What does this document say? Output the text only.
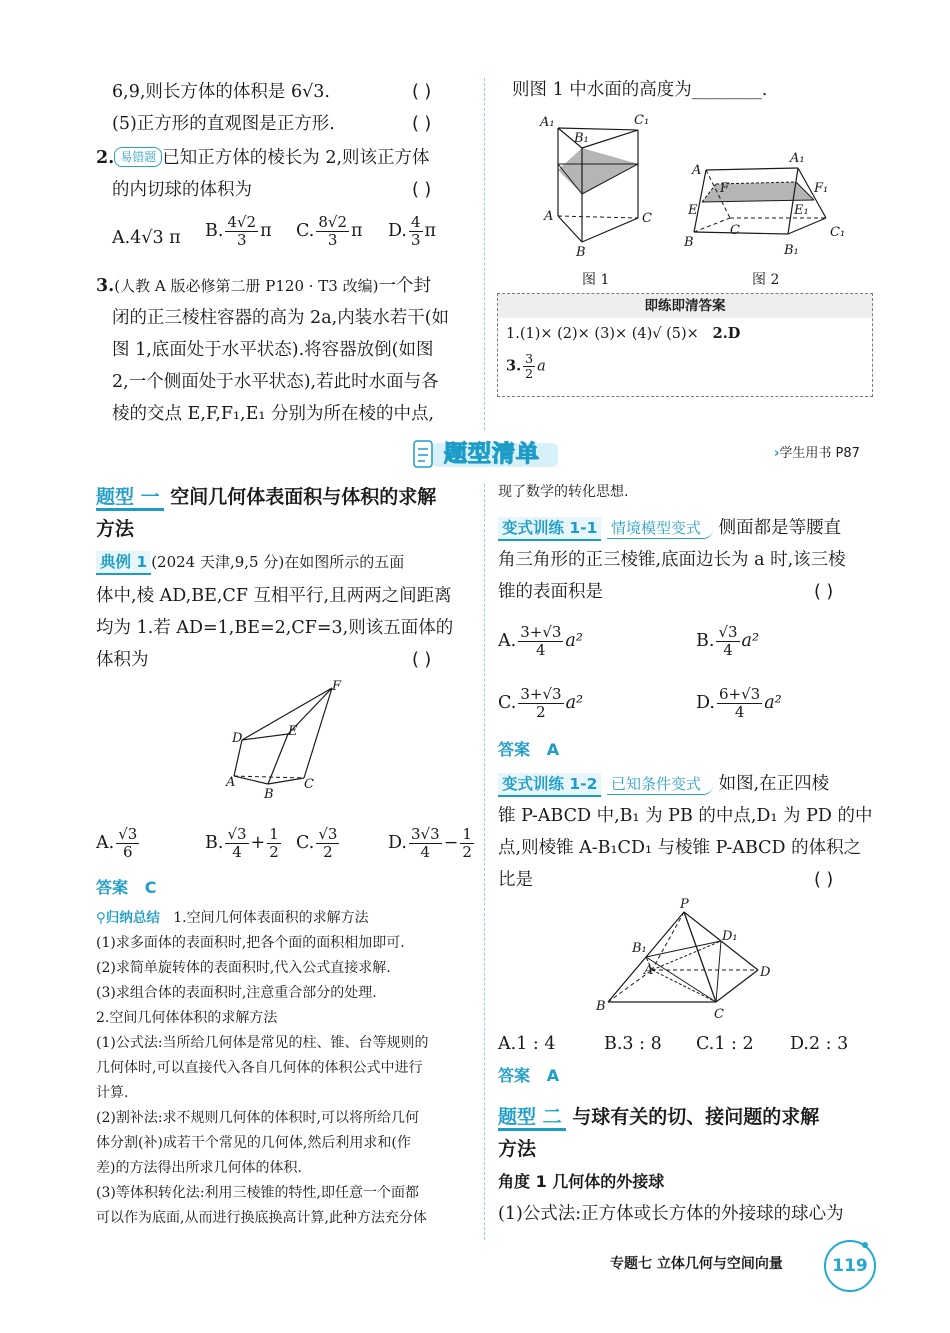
6,9,则长方体的体积是 6√3.	( )
(5)正方形的直观图是正方形.	( )
2. 易错题 已知正方体的棱长为 2,则该正方体
的内切球的体积为	( )
A.4√3 π B. $\frac{4√2}{3}$ π C. $\frac{8√2}{3}$ π D. $\frac{4}{3}$ π
3.(人教 A 版必修第二册 P120 · T3 改编)一个封
闭的正三棱柱容器的高为 2a,内装水若干(如
图 1,底面处于水平状态).将容器放倒(如图
2,一个侧面处于水平状态),若此时水面与各
棱的交点 E,F,F₁,E₁ 分别为所在棱的中点,
则图 1 中水面的高度为________.
A₁
B₁
C₁
A	C
B
图 1
A
A₁
F	F₁
E	E₁
C	C₁
B
B₁
图 2
即练即清答案
1.(1)× (2)× (3)× (4)√ (5)× 2.D
3. $\frac{3}{2}$ a
题型清单	›学生用书 P87
题型 一 空间几何体表面积与体积的求解
方法
典例 1 (2024 天津,9,5 分)在如图所示的五面
体中,棱 AD,BE,CF 互相平行,且两两之间距离
均为 1.若 AD=1,BE=2,CF=3,则该五面体的
体积为	( )
F
E
D
A
B
C
A. $\frac{√3}{6}$	B. $\frac{√3}{4} + \frac{1}{2} C$. $\frac{√3}{2}$	D. $\frac{3√3}{4} - \frac{1}{2}$
答案 C
⚲归纳总结 1.空间几何体表面积的求解方法
(1)求多面体的表面积时,把各个面的面积相加即可.
(2)求简单旋转体的表面积时,代入公式直接求解.
(3)求组合体的表面积时,注意重合部分的处理.
2.空间几何体体积的求解方法
(1)公式法:当所给几何体是常见的柱、锥、台等规则的
几何体时,可以直接代入各自几何体的体积公式中进行
计算.
(2)割补法:求不规则几何体的体积时,可以将所给几何
体分割(补)成若干个常见的几何体,然后利用求和(作
差)的方法得出所求几何体的体积.
(3)等体积转化法:利用三棱锥的特性,即任意一个面都
可以作为底面,从而进行换底换高计算,此种方法充分体
现了数学的转化思想.
变式训练 1-1 情境模型变式 侧面都是等腰直
角三角形的正三棱锥,底面边长为 a 时,该三棱
锥的表面积是	( )
A. $\frac{3+√3}{4} a^2$	B. $\frac{√3}{4} a^2$
C. $\frac{3+√3}{2} a^2$	D. $\frac{6+√3}{4} a^2$
答案 A
变式训练 1-2 已知条件变式 如图,在正四棱
锥 P-ABCD 中,B₁ 为 PB 的中点,D₁ 为 PD 的中
点,则棱锥 A-B₁CD₁ 与棱锥 P-ABCD 的体积之
比是	( )
P
B₁
D₁
A	D
B
C
A.1 : 4	B.3 : 8 C.1 : 2 D.2 : 3
答案 A
题型 二 与球有关的切、接问题的求解
方法
角度 1 几何体的外接球
(1)公式法:正方体或长方体的外接球的球心为
专题七 立体几何与空间向量	119
